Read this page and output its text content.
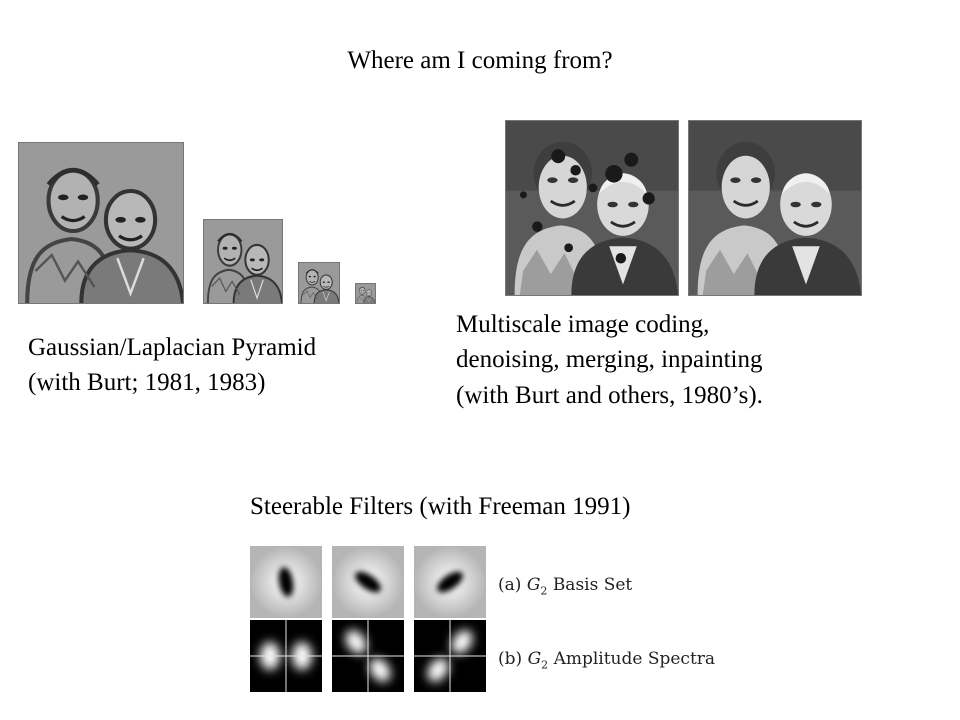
Where am I coming from?
Gaussian/Laplacian Pyramid
(with Burt; 1981, 1983)
Multiscale image coding,
denoising, merging, inpainting
(with Burt and others, 1980’s).
Steerable Filters (with Freeman 1991)
(a) $G_2$ Basis Set
(b) $G_2$ Amplitude Spectra
